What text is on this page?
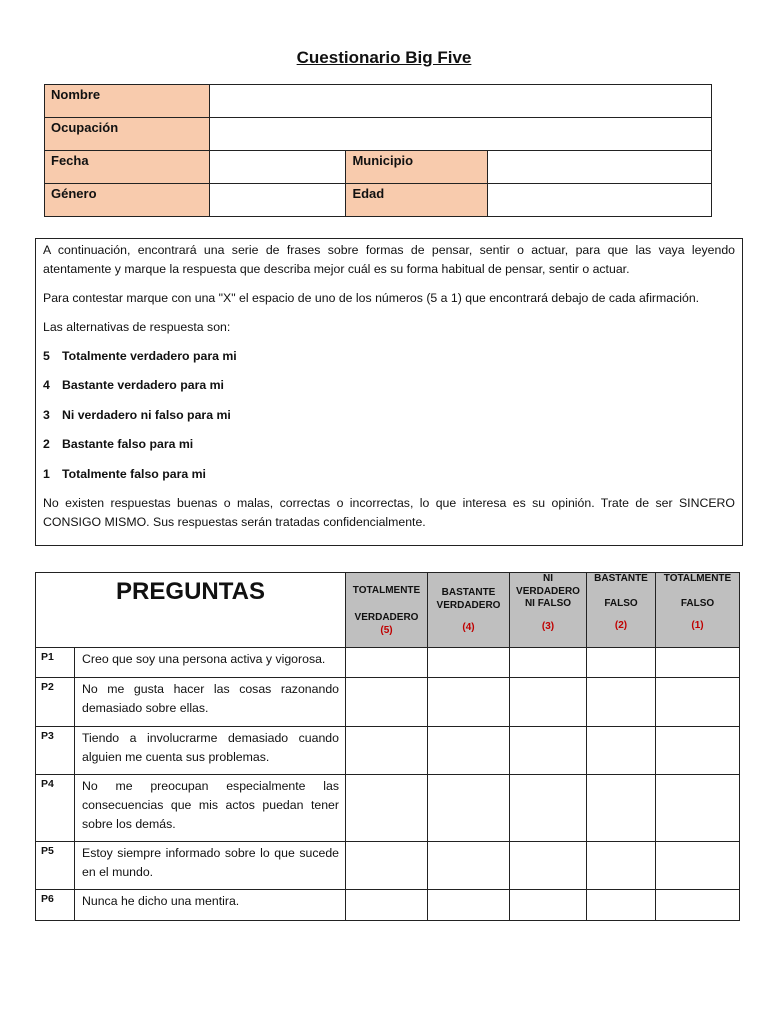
Cuestionario Big Five
Nombre	
Ocupación	
Fecha		Municipio	
Género		Edad	

A continuación, encontrará una serie de frases sobre formas de pensar, sentir o actuar, para que las vaya leyendo atentamente y marque la respuesta que describa mejor cuál es su forma habitual de pensar, sentir o actuar.

Para contestar marque con una "X" el espacio de uno de los números (5 a 1) que encontrará debajo de cada afirmación.

Las alternativas de respuesta son:

5 Totalmente verdadero para mi
4 Bastante verdadero para mi
3 Ni verdadero ni falso para mi
2 Bastante falso para mi
1 Totalmente falso para mi

No existen respuestas buenas o malas, correctas o incorrectas, lo que interesa es su opinión. Trate de ser SINCERO CONSIGO MISMO. Sus respuestas serán tratadas confidencialmente.

PREGUNTAS		TOTALMENTE
VERDADERO
(5)	BASTANTE
VERDADERO
(4)	NI
VERDADERO
NI FALSO
(3)	BASTANTE
FALSO
(2)	TOTALMENTE
FALSO
(1)

P1	Creo que soy una persona activa y vigorosa.					
P2	No me gusta hacer las cosas razonando demasiado sobre ellas.					
P3	Tiendo a involucrarme demasiado cuando alguien me cuenta sus problemas.					
P4	No me preocupan especialmente las consecuencias que mis actos puedan tener sobre los demás.					
P5	Estoy siempre informado sobre lo que sucede en el mundo.					
P6	Nunca he dicho una mentira.					
